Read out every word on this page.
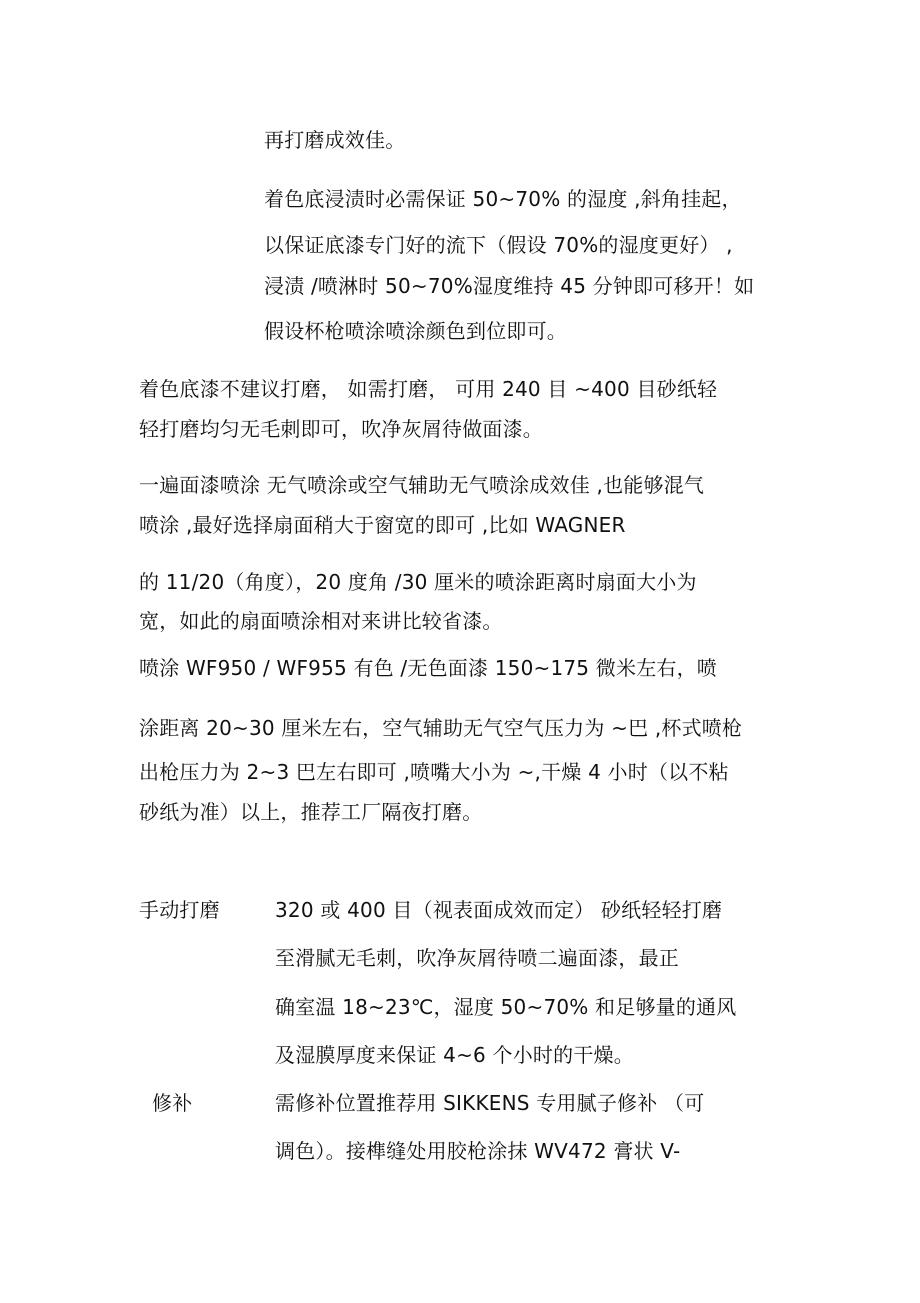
再打磨成效佳。
着色底浸渍时必需保证 50~70% 的湿度 ,斜角挂起，
以保证底漆专门好的流下（假设 70%的湿度更好） ,
浸渍 /喷淋时 50~70%湿度维持 45 分钟即可移开！如
假设杯枪喷涂喷涂颜色到位即可。
着色底漆不建议打磨， 如需打磨， 可用 240 目 ~400 目砂纸轻
轻打磨均匀无毛刺即可，吹净灰屑待做面漆。
一遍面漆喷涂 无气喷涂或空气辅助无气喷涂成效佳 ,也能够混气
喷涂 ,最好选择扇面稍大于窗宽的即可 ,比如 WAGNER
的 11/20（角度），20 度角 /30 厘米的喷涂距离时扇面大小为
宽，如此的扇面喷涂相对来讲比较省漆。
喷涂 WF950 / WF955 有色 /无色面漆 150~175 微米左右，喷
涂距离 20~30 厘米左右，空气辅助无气空气压力为 ~巴 ,杯式喷枪
出枪压力为 2~3 巴左右即可 ,喷嘴大小为 ~,干燥 4 小时（以不粘
砂纸为准）以上，推荐工厂隔夜打磨。
手动打磨	320 或 400 目（视表面成效而定） 砂纸轻轻打磨
至滑腻无毛刺，吹净灰屑待喷二遍面漆，最正
确室温 18~23℃，湿度 50~70% 和足够量的通风
及湿膜厚度来保证 4~6 个小时的干燥。
修补	需修补位置推荐用 SIKKENS 专用腻子修补 （可
调色）。接榫缝处用胶枪涂抹 WV472 膏状 V-
